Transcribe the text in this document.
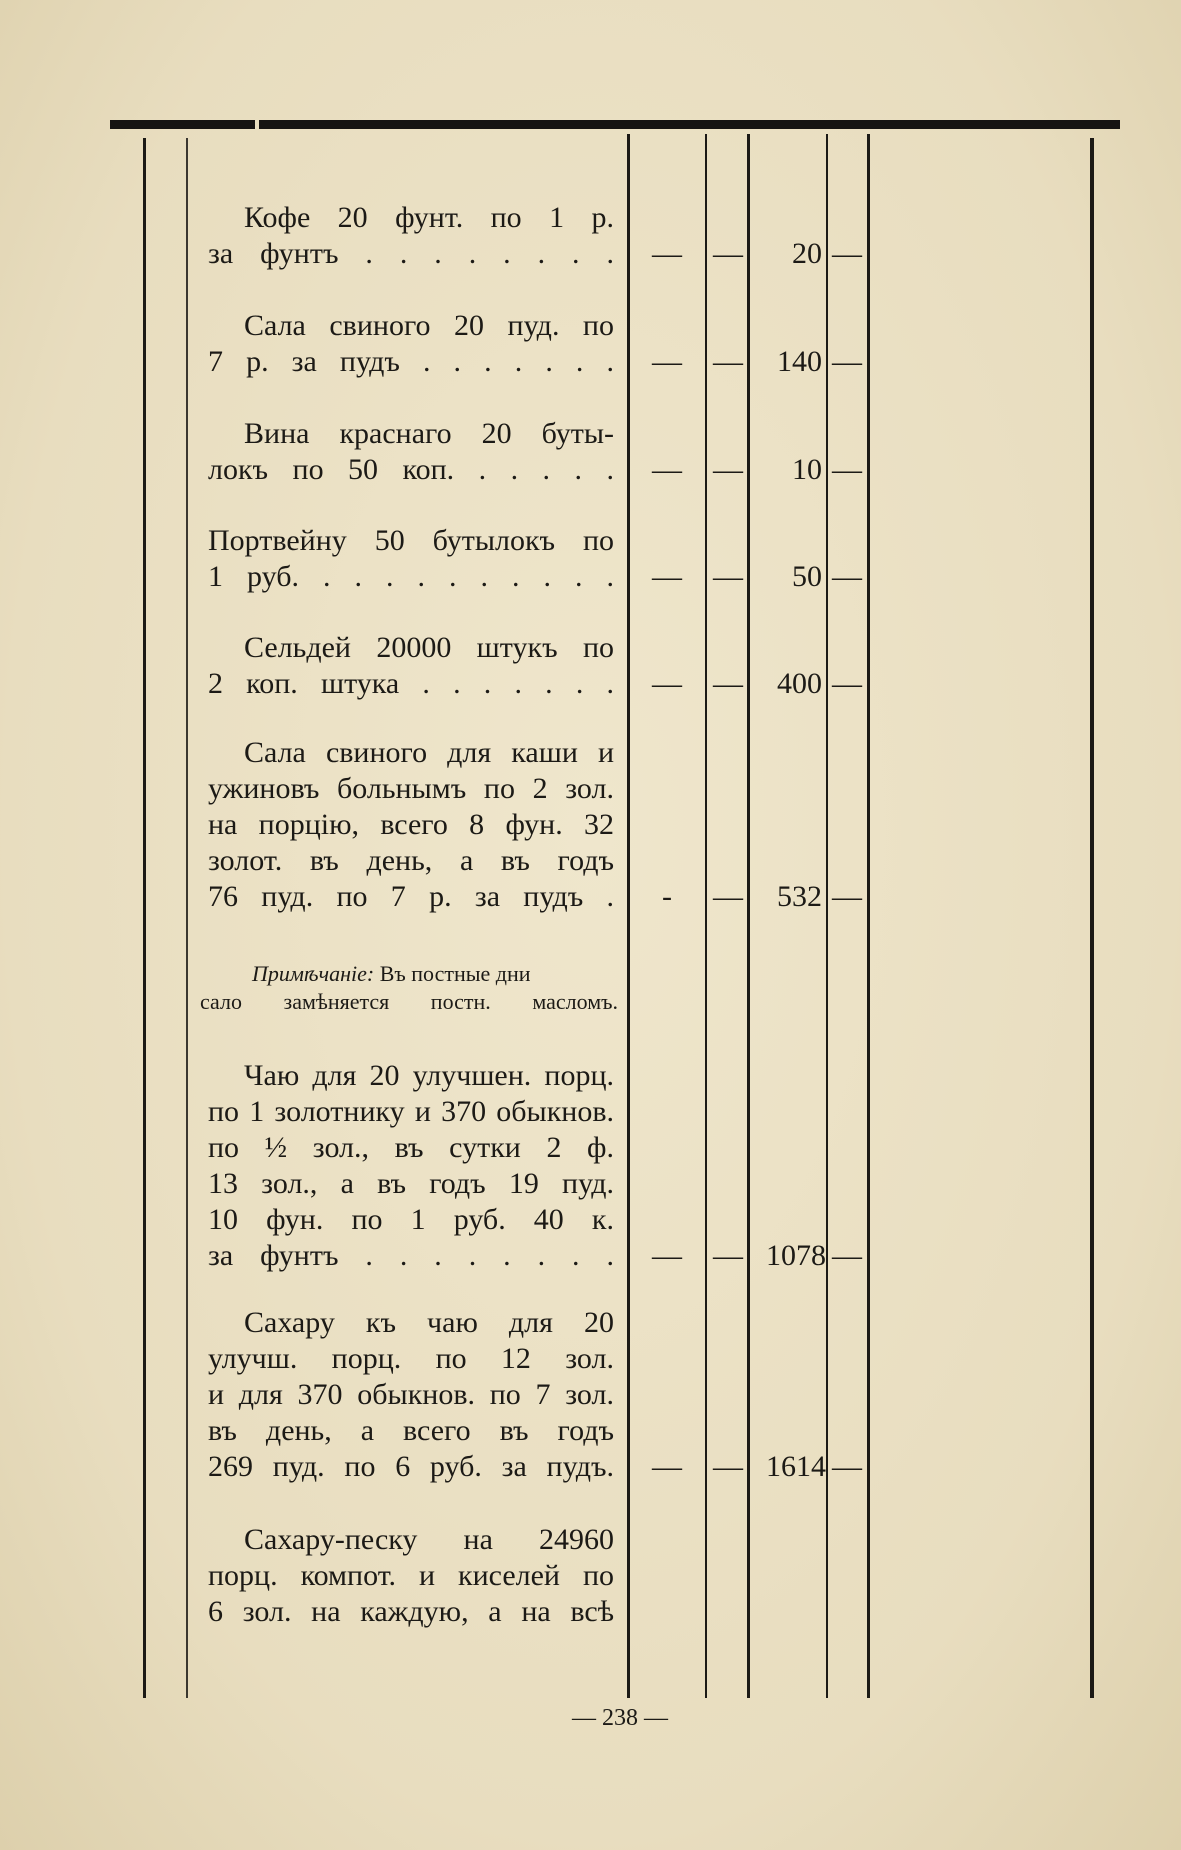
Кофе 20 фунт. по 1 р.
за фунтъ . . . . . . . .	—	—	20 —
Сала свиного 20 пуд. по
7 р. за пудъ . . . . . . .	—	—	140 —
Вина краснаго 20 буты-
локъ по 50 коп. . . . . .	—	—	10 —
Портвейну 50 бутылокъ по
1 руб. . . . . . . . . . .	—	—	50 —
Сельдей 20000 штукъ по
2 коп. штука . . . . . . .	—	—	400 —
Сала свиного для каши и
ужиновъ больнымъ по 2 зол.
на порцію, всего 8 фун. 32
золот. въ день, а въ годъ
76 пуд. по 7 р. за пудъ .	-	—	532 —
Примѣчаніе: Въ постные дни
сало замѣняется постн. масломъ.
Чаю для 20 улучшен. порц.
по 1 золотнику и 370 обыкнов.
по ½ зол., въ сутки 2 ф.
13 зол., а въ годъ 19 пуд.
10 фун. по 1 руб. 40 к.
за фунтъ . . . . . . . .	—	— 1078 —
Сахару къ чаю для 20
улучш. порц. по 12 зол.
и для 370 обыкнов. по 7 зол.
въ день, а всего въ годъ
269 пуд. по 6 руб. за пудъ.	—	— 1614 —
Сахару-песку на 24960
порц. компот. и киселей по
6 зол. на каждую, а на всѣ
— 238 —
